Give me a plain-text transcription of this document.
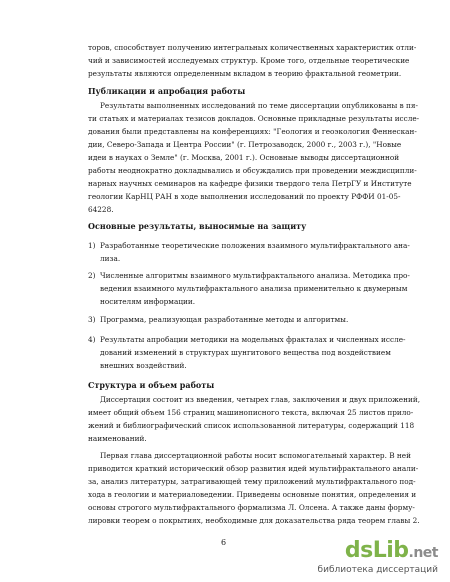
торов, способствует получению интегральных количественных характеристик отли-
чий и зависимостей исследуемых структур. Кроме того, отдельные теоретические
результаты являются определенным вкладом в теорию фрактальной геометрии.
Публикации и апробация работы
Результаты выполненных исследований по теме диссертации опубликованы в пя-
ти статьях и материалах тезисов докладов. Основные прикладные результаты иссле-
дования были представлены на конференциях: "Геология и геоэкология Феннескан-
дии, Северо-Запада и Центра России" (г. Петрозаводск, 2000 г., 2003 г.), "Новые
идеи в науках о Земле" (г. Москва, 2001 г.). Основные выводы диссертационной
работы неоднократно докладывались и обсуждались при проведении междисципли-
нарных научных семинаров на кафедре физики твердого тела ПетрГУ и Институте
геологии КарНЦ РАН в ходе выполнения исследований по проекту РФФИ 01-05-
64228.
Основные результаты, выносимые на защиту
1) Разработанные теоретические положения взаимного мультифрактального ана-
лиза.
2) Численные алгоритмы взаимного мультифрактального анализа. Методика про-
ведения взаимного мультифрактального анализа применительно к двумерным
носителям информации.
3) Программа, реализующая разработанные методы и алгоритмы.
4) Результаты апробации методики на модельных фракталах и численных иссле-
дований изменений в структурах шунгитового вещества под воздействием
внешних воздействий.
Структура и объем работы
Диссертация состоит из введения, четырех глав, заключения и двух приложений,
имеет общий объем 156 страниц машинописного текста, включая 25 листов прило-
жений и библиографический список использованной литературы, содержащий 118
наименований.
Первая глава диссертационной работы носит вспомогательный характер. В ней
приводится краткий исторический обзор развития идей мультифрактального анали-
за, анализ литературы, затрагивающей тему приложений мультифрактального под-
хода в геологии и материаловедении. Приведены основные понятия, определения и
основы строгого мультифрактального формализма Л. Олсена. А также даны форму-
лировки теорем о покрытиях, необходимые для доказательства ряда теорем главы 2.
6	dsLib.net
библиотека диссертаций
